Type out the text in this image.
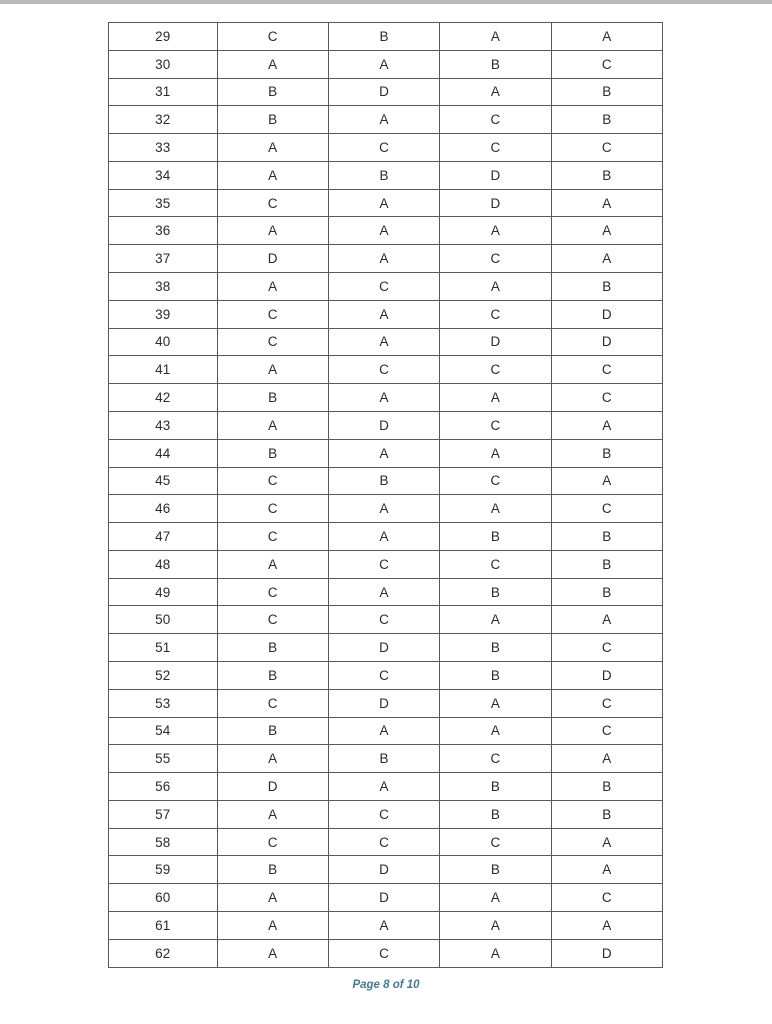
29	C	B	A	A
30	A	A	B	C
31	B	D	A	B
32	B	A	C	B
33	A	C	C	C
34	A	B	D	B
35	C	A	D	A
36	A	A	A	A
37	D	A	C	A
38	A	C	A	B
39	C	A	C	D
40	C	A	D	D
41	A	C	C	C
42	B	A	A	C
43	A	D	C	A
44	B	A	A	B
45	C	B	C	A
46	C	A	A	C
47	C	A	B	B
48	A	C	C	B
49	C	A	B	B
50	C	C	A	A
51	B	D	B	C
52	B	C	B	D
53	C	D	A	C
54	B	A	A	C
55	A	B	C	A
56	D	A	B	B
57	A	C	B	B
58	C	C	C	A
59	B	D	B	A
60	A	D	A	C
61	A	A	A	A
62	A	C	A	D
Page 8 of 10
